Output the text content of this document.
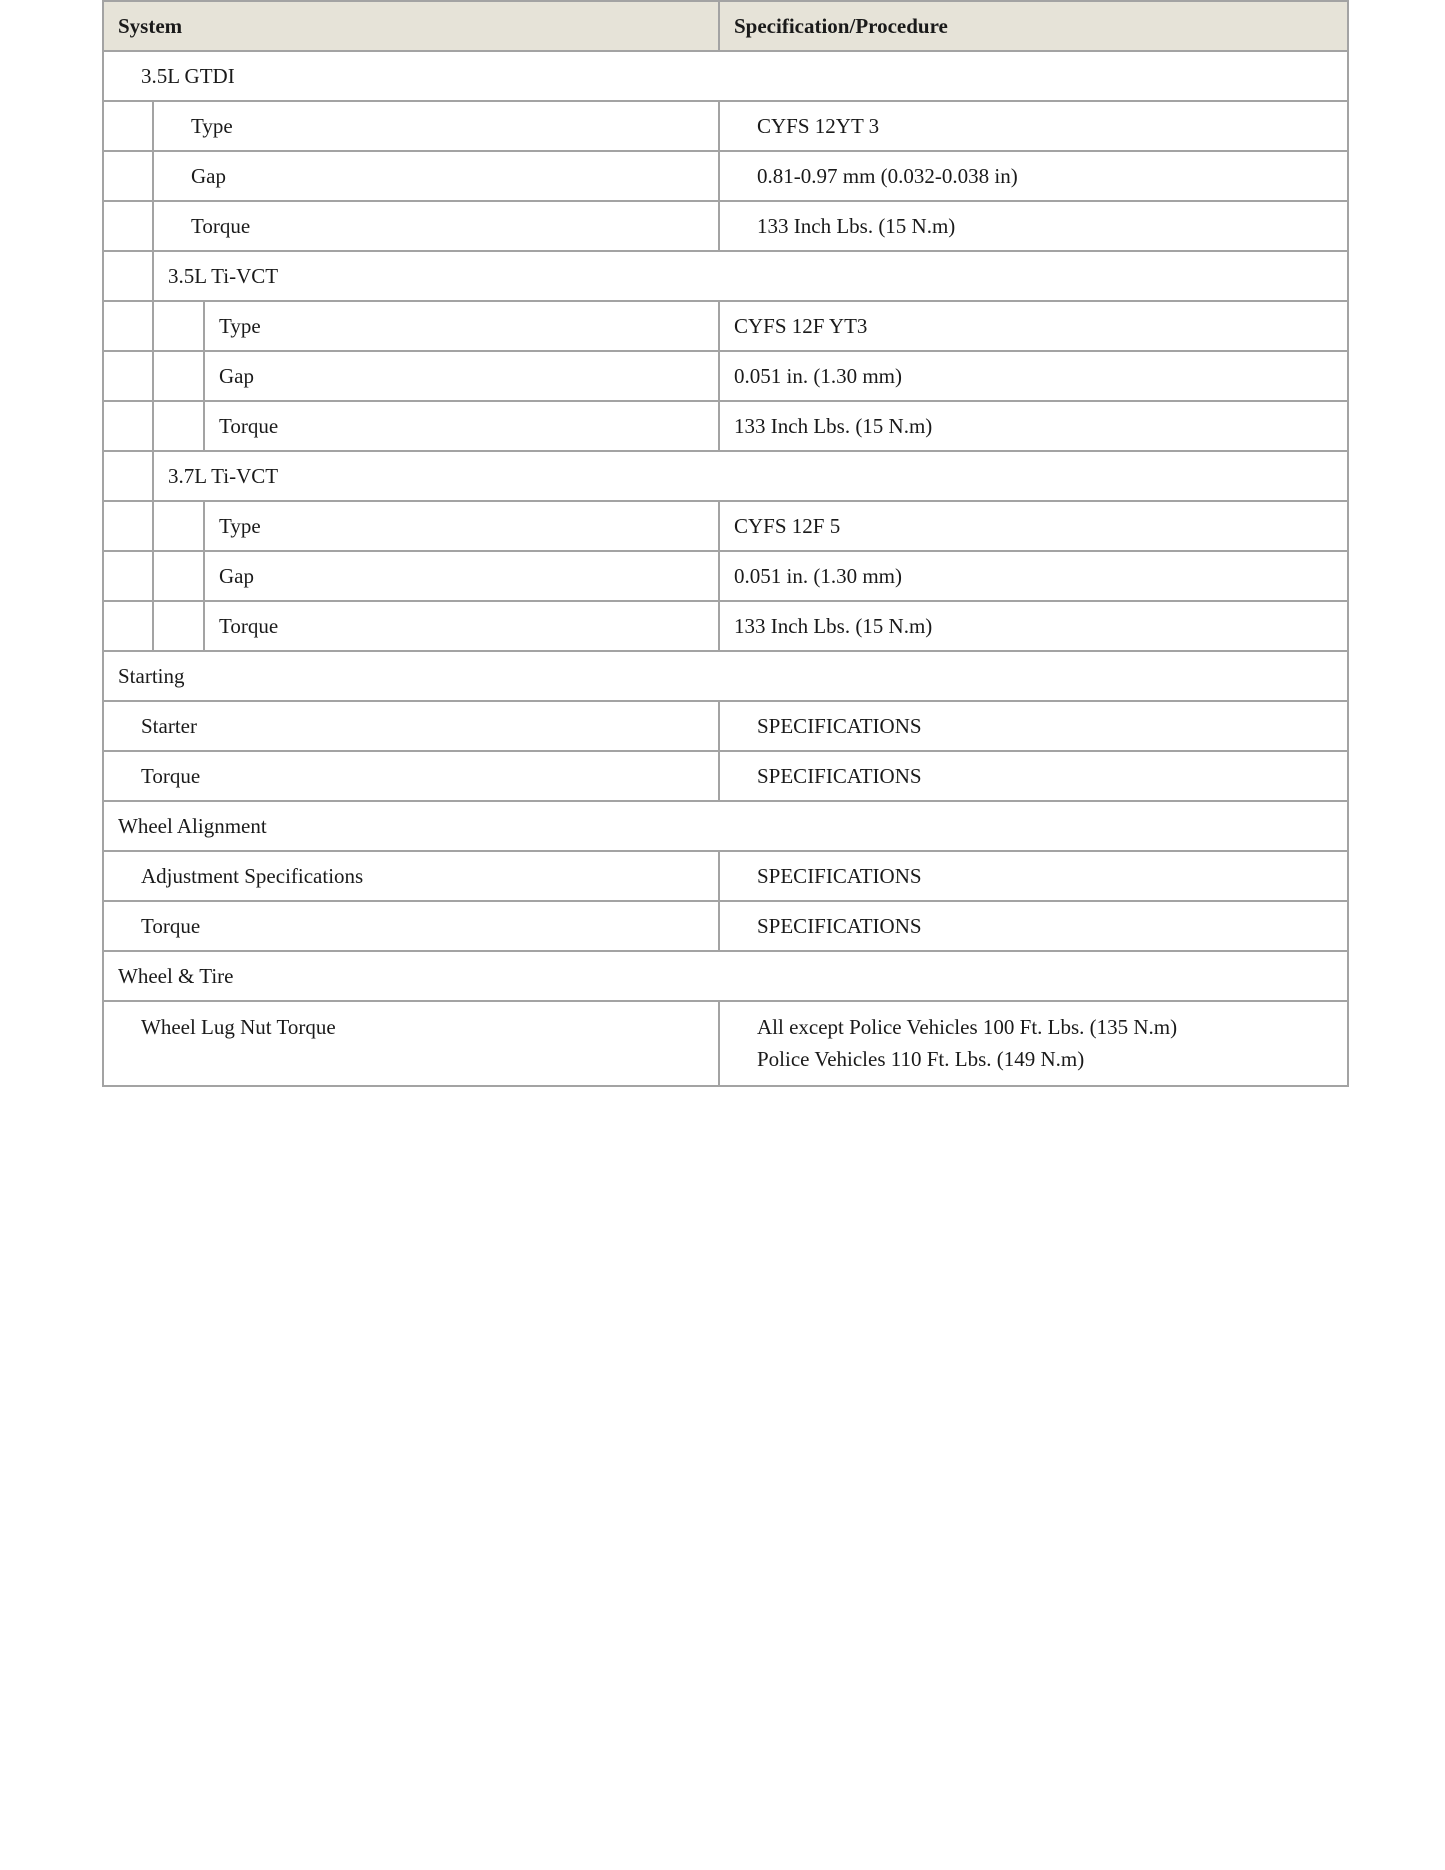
System			Specification/Procedure
3.5L GTDI			
	Type		CYFS 12YT 3
	Gap		0.81-0.97 mm (0.032-0.038 in)
	Torque		133 Inch Lbs. (15 N.m)
	3.5L Ti-VCT		
		Type	CYFS 12F YT3
		Gap	0.051 in. (1.30 mm)
		Torque	133 Inch Lbs. (15 N.m)
	3.7L Ti-VCT		
		Type	CYFS 12F 5
		Gap	0.051 in. (1.30 mm)
		Torque	133 Inch Lbs. (15 N.m)
Starting			
Starter			SPECIFICATIONS
Torque			SPECIFICATIONS
Wheel Alignment			
Adjustment Specifications			SPECIFICATIONS
Torque			SPECIFICATIONS
Wheel & Tire			
Wheel Lug Nut Torque			All except Police Vehicles 100 Ft. Lbs. (135 N.m)
Police Vehicles 110 Ft. Lbs. (149 N.m)
